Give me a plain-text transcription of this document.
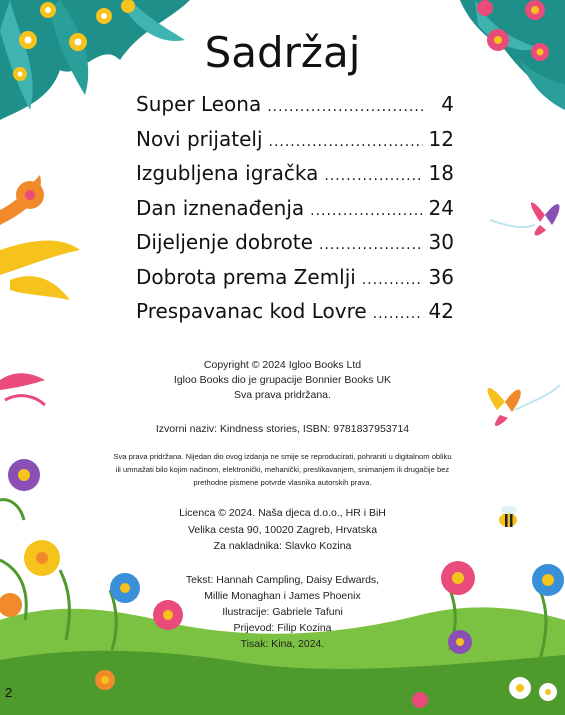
Sadržaj
Super Leona .....	4
Novi prijatelj .....	12
Izgubljena igračka .....	18
Dan iznenađenja .....	24
Dijeljenje dobrote .....	30
Dobrota prema Zemlji .....	36
Prespavanac kod Lovre .....	42
Copyright © 2024 Igloo Books Ltd
Igloo Books dio je grupacije Bonnier Books UK
Sva prava pridržana.
Izvorni naziv: Kindness stories, ISBN: 9781837953714
Sva prava pridržana. Nijedan dio ovog izdanja ne smije se reproducirati, pohraniti u digitalnom obliku
ili umnažati bilo kojim načinom, elektronički, mehanički, preslikavanjem, snimanjem ili drugačije bez
prethodne pismene potvrde vlasnika autorskih prava.
Licenca © 2024. Naša djeca d.o.o., HR i BiH
Velika cesta 90, 10020 Zagreb, Hrvatska
Za nakladnika: Slavko Kozina
Tekst: Hannah Campling, Daisy Edwards,
Millie Monaghan i James Phoenix
Ilustracije: Gabriele Tafuni
Prijevod: Filip Kozina
Tisak: Kina, 2024.
2
